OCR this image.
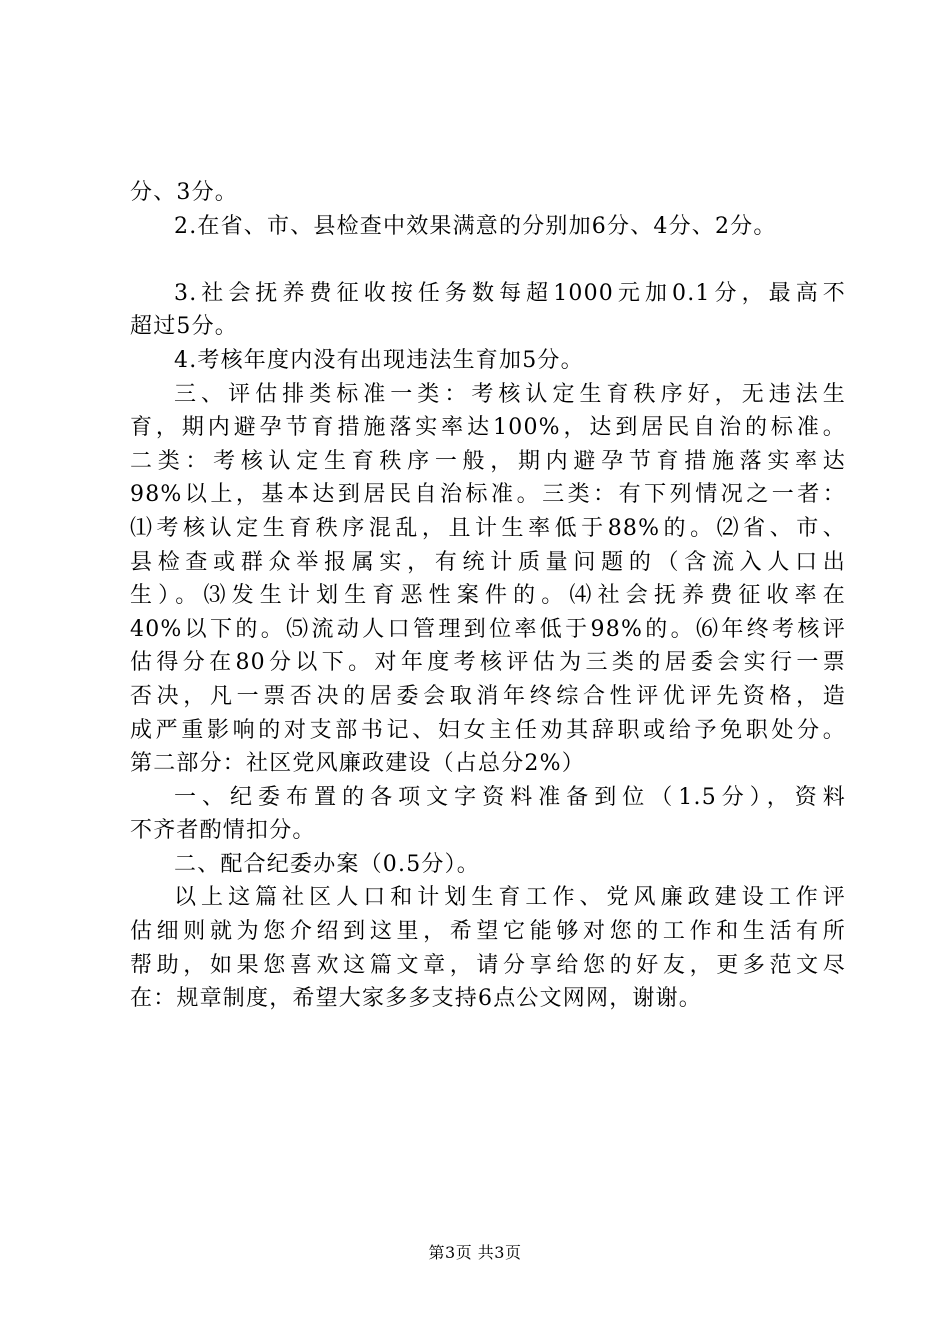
分、3分。
2.在省、市、县检查中效果满意的分别加6分、4分、2分。
3.社会抚养费征收按任务数每超1000元加0.1分，最高不
超过5分。
4.考核年度内没有出现违法生育加5分。
三、评估排类标准一类：考核认定生育秩序好，无违法生
育，期内避孕节育措施落实率达100%，达到居民自治的标准。
二类：考核认定生育秩序一般，期内避孕节育措施落实率达
98%以上，基本达到居民自治标准。三类：有下列情况之一者：
⑴考核认定生育秩序混乱，且计生率低于88%的。⑵省、市、
县检查或群众举报属实，有统计质量问题的（含流入人口出
生）。⑶发生计划生育恶性案件的。⑷社会抚养费征收率在
40%以下的。⑸流动人口管理到位率低于98%的。⑹年终考核评
估得分在80分以下。对年度考核评估为三类的居委会实行一票
否决，凡一票否决的居委会取消年终综合性评优评先资格，造
成严重影响的对支部书记、妇女主任劝其辞职或给予免职处分。
第二部分：社区党风廉政建设（占总分2%）
一、纪委布置的各项文字资料准备到位（1.5分），资料
不齐者酌情扣分。
二、配合纪委办案（0.5分）。
以上这篇社区人口和计划生育工作、党风廉政建设工作评
估细则就为您介绍到这里，希望它能够对您的工作和生活有所
帮助，如果您喜欢这篇文章，请分享给您的好友，更多范文尽
在：规章制度，希望大家多多支持6点公文网网，谢谢。
第3页 共3页
